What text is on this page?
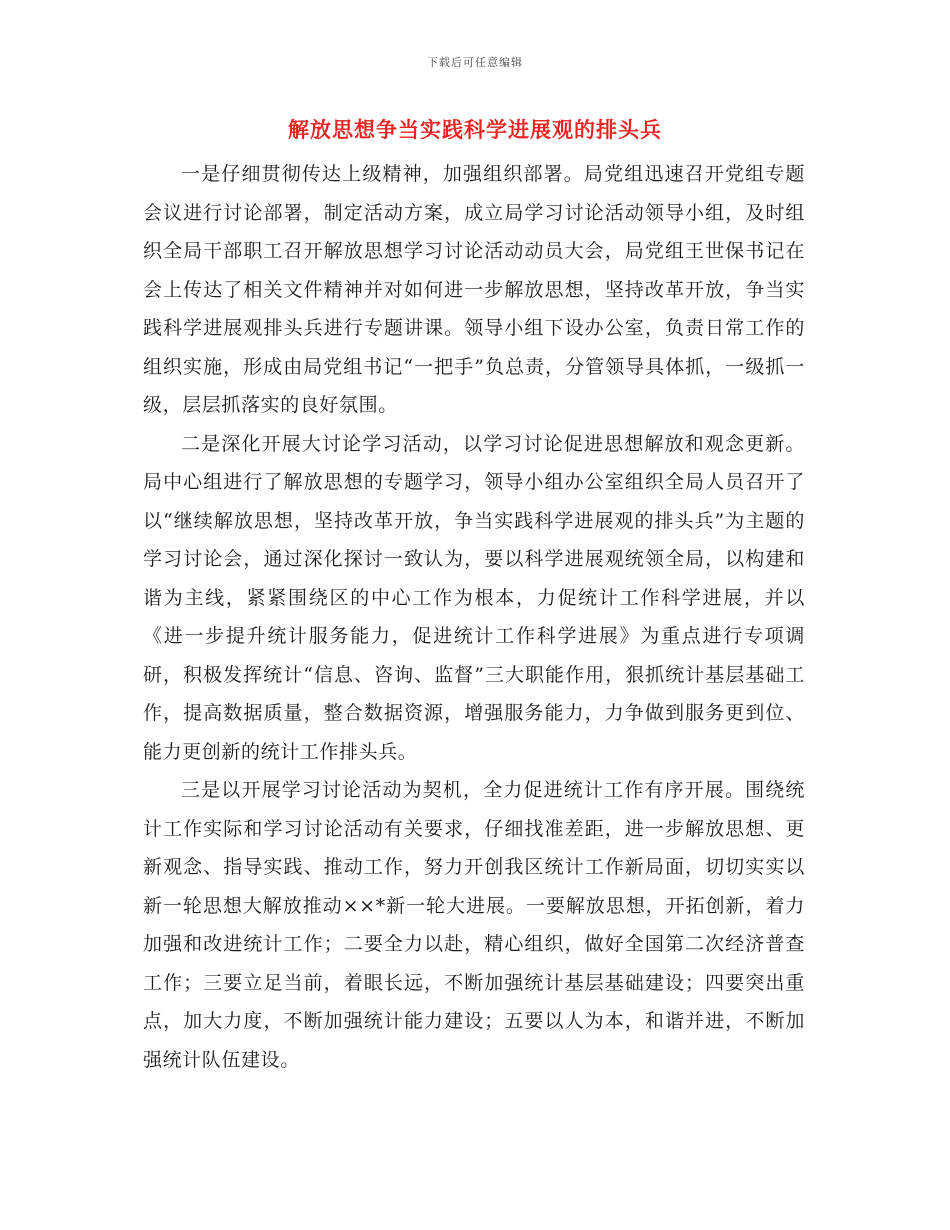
下载后可任意编辑
解放思想争当实践科学进展观的排头兵

一是仔细贯彻传达上级精神，加强组织部署。局党组迅速召开党组专题会议进行讨论部署，制定活动方案，成立局学习讨论活动领导小组，及时组织全局干部职工召开解放思想学习讨论活动动员大会，局党组王世保书记在会上传达了相关文件精神并对如何进一步解放思想，坚持改革开放，争当实践科学进展观排头兵进行专题讲课。领导小组下设办公室，负责日常工作的组织实施，形成由局党组书记“一把手”负总责，分管领导具体抓，一级抓一级，层层抓落实的良好氛围。

二是深化开展大讨论学习活动，以学习讨论促进思想解放和观念更新。局中心组进行了解放思想的专题学习，领导小组办公室组织全局人员召开了以“继续解放思想，坚持改革开放，争当实践科学进展观的排头兵”为主题的学习讨论会，通过深化探讨一致认为，要以科学进展观统领全局，以构建和谐为主线，紧紧围绕区的中心工作为根本，力促统计工作科学进展，并以《进一步提升统计服务能力，促进统计工作科学进展》为重点进行专项调研，积极发挥统计“信息、咨询、监督”三大职能作用，狠抓统计基层基础工作，提高数据质量，整合数据资源，增强服务能力，力争做到服务更到位、能力更创新的统计工作排头兵。

三是以开展学习讨论活动为契机，全力促进统计工作有序开展。围绕统计工作实际和学习讨论活动有关要求，仔细找准差距，进一步解放思想、更新观念、指导实践、推动工作，努力开创我区统计工作新局面，切切实实以新一轮思想大解放推动××*新一轮大进展。一要解放思想，开拓创新，着力加强和改进统计工作；二要全力以赴，精心组织，做好全国第二次经济普查工作；三要立足当前，着眼长远，不断加强统计基层基础建设；四要突出重点，加大力度，不断加强统计能力建设；五要以人为本，和谐并进，不断加强统计队伍建设。
